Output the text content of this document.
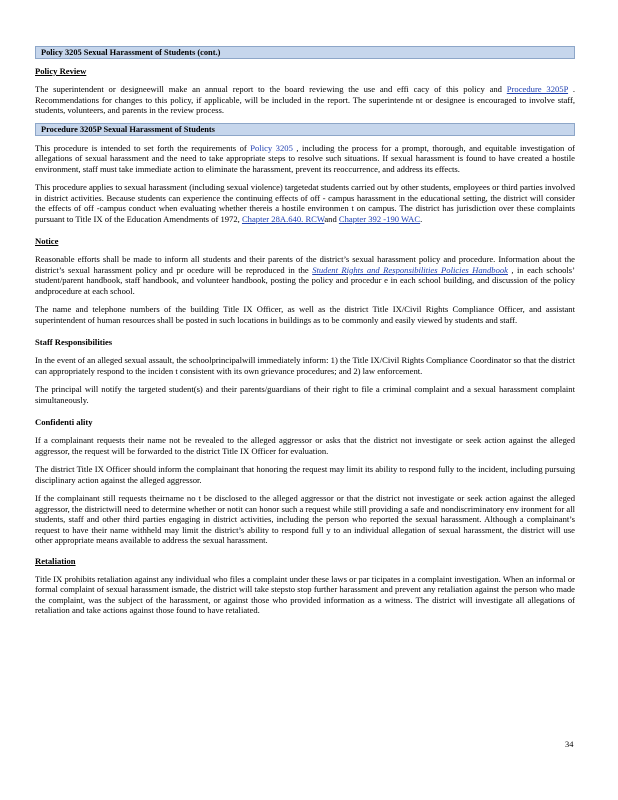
Policy 3205 Sexual Harassment of Students (cont.)
Policy Review

The superintendent or designeewill make an annual report to the board reviewing the use and effi cacy of this policy and Procedure 3205P . Recommendations for changes to this policy, if applicable, will be included in the report. The superintende nt or designee is encouraged to involve staff, students, volunteers, and parents in the review process.

Procedure 3205P Sexual Harassment of Students

This procedure is intended to set forth the requirements of Policy 3205 , including the process for a prompt, thorough, and equitable investigation of allegations of sexual harassment and the need to take appropriate steps to resolve such situations. If sexual harassment is found to have created a hostile environment, staff must take immediate action to eliminate the harassment, prevent its reoccurrence, and address its effects.

This procedure applies to sexual harassment (including sexual violence) targetedat students carried out by other students, employees or third parties involved in district activities. Because students can experience the continuing effects of off - campus harassment in the educational setting, the district will consider the effects of off -campus conduct when evaluating whether thereis a hostile environmen t on campus. The district has jurisdiction over these complaints pursuant to Title IX of the Education Amendments of 1972, Chapter 28A.640. RCWand Chapter 392 -190 WAC.

Notice

Reasonable efforts shall be made to inform all students and their parents of the district’s sexual harassment policy and procedure. Information about the district’s sexual harassment policy and pr ocedure will be reproduced in the Student Rights and Responsibilities Policies Handbook , in each schools’ student/parent handbook, staff handbook, and volunteer handbook, posting the policy and procedur e in each school building, and discussion of the policy andprocedure at each school.

The name and telephone numbers of the building Title IX Officer, as well as the district Title IX/Civil Rights Compliance Officer, and assistant superintendent of human resources shall be posted in such locations in buildings as to be commonly and easily viewed by students and staff.

Staff Responsibilities

In the event of an alleged sexual assault, the schoolprincipalwill immediately inform: 1) the Title IX/Civil Rights Compliance Coordinator so that the district can appropriately respond to the inciden t consistent with its own grievance procedures; and 2) law enforcement.

The principal will notify the targeted student(s) and their parents/guardians of their right to file a criminal complaint and a sexual harassment complaint simultaneously.

Confidenti ality

If a complainant requests their name not be revealed to the alleged aggressor or asks that the district not investigate or seek action against the alleged aggressor, the request will be forwarded to the district Title IX Officer for evaluation.

The district Title IX Officer should inform the complainant that honoring the request may limit its ability to respond fully to the incident, including pursuing disciplinary action against the alleged aggressor.

If the complainant still requests theirname no t be disclosed to the alleged aggressor or that the district not investigate or seek action against the alleged aggressor, the districtwill need to determine whether or notit can honor such a request while still providing a safe and nondiscriminatory env ironment for all students, staff and other third parties engaging in district activities, including the person who reported the sexual harassment. Although a complainant’s request to have their name withheld may limit the district’s ability to respond full y to an individual allegation of sexual harassment, the district will use other appropriate means available to address the sexual harassment.

Retaliation

Title IX prohibits retaliation against any individual who files a complaint under these laws or par ticipates in a complaint investigation. When an informal or formal complaint of sexual harassment ismade, the district will take stepsto stop further harassment and prevent any retaliation against the person who made the complaint, was the subject of the harassment, or against those who provided information as a witness. The district will investigate all allegations of retaliation and take actions against those found to have retaliated.

34
